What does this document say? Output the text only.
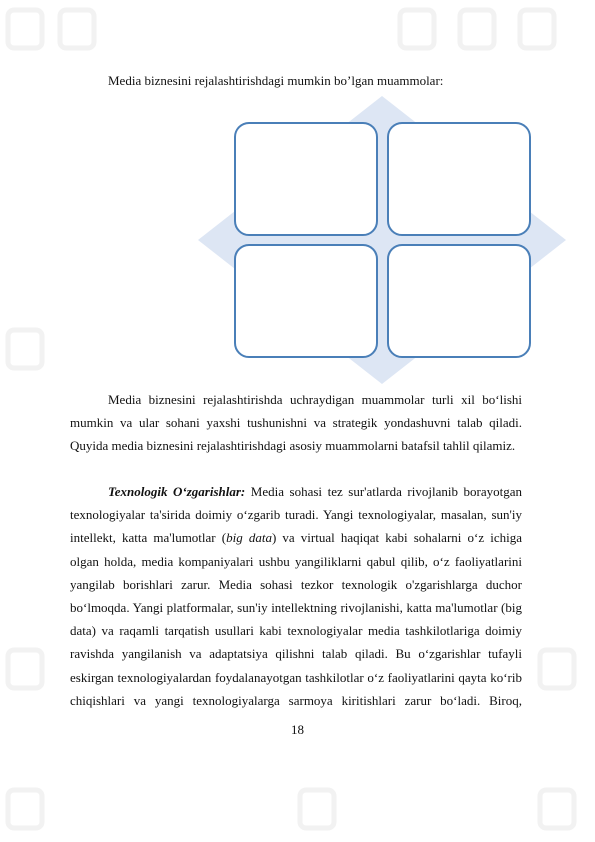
Media biznesini rejalashtirishdagi mumkin bo’lgan muammolar:
Media biznesini rejalashtirishda uchraydigan muammolar turli xil bo‘lishi mumkin va ular sohani yaxshi tushunishni va strategik yondashuvni talab qiladi. Quyida media biznesini rejalashtirishdagi asosiy muammolarni batafsil tahlil qilamiz.
Texnologik O‘zgarishlar: Media sohasi tez sur'atlarda rivojlanib borayotgan texnologiyalar ta'sirida doimiy o‘zgarib turadi. Yangi texnologiyalar, masalan, sun'iy intellekt, katta ma'lumotlar (big data) va virtual haqiqat kabi sohalarni o‘z ichiga olgan holda, media kompaniyalari ushbu yangiliklarni qabul qilib, o‘z faoliyatlarini yangilab borishlari zarur. Media sohasi tezkor texnologik o'zgarishlarga duchor bo‘lmoqda. Yangi platformalar, sun'iy intellektning rivojlanishi, katta ma'lumotlar (big data) va raqamli tarqatish usullari kabi texnologiyalar media tashkilotlariga doimiy ravishda yangilanish va adaptatsiya qilishni talab qiladi. Bu o‘zgarishlar tufayli eskirgan texnologiyalardan foydalanayotgan tashkilotlar o‘z faoliyatlarini qayta ko‘rib chiqishlari va yangi texnologiyalarga sarmoya kiritishlari zarur bo‘ladi. Biroq,
18
